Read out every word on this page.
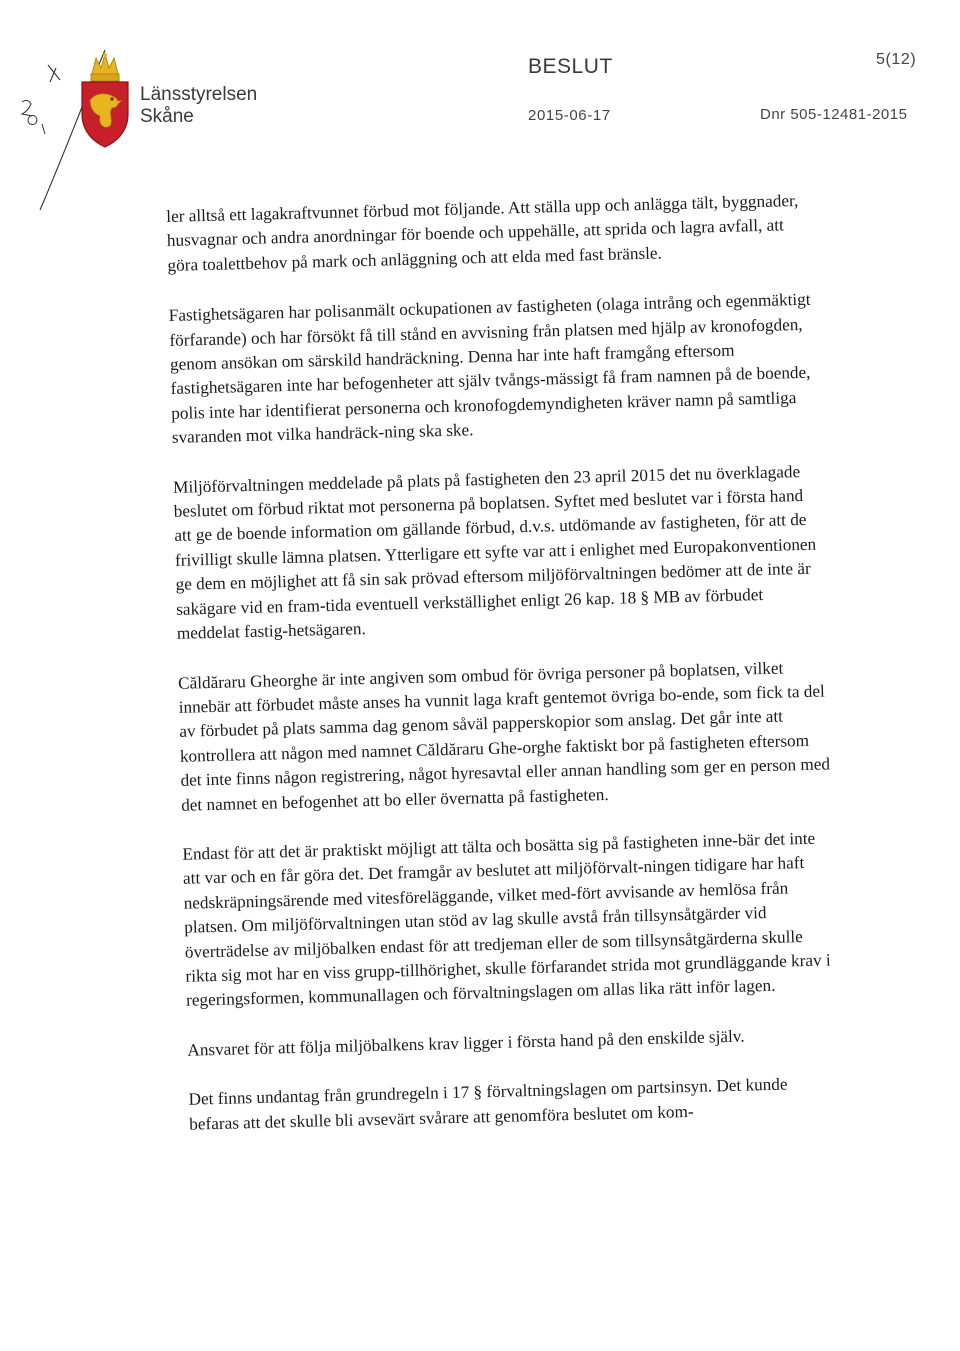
Länsstyrelsen
Skåne
BESLUT	5(12)
2015-06-17	Dnr 505-12481-2015

ler alltså ett lagakraftvunnet förbud mot följande. Att ställa upp och anlägga tält, byggnader, husvagnar och andra anordningar för boende och uppehälle, att sprida och lagra avfall, att göra toalettbehov på mark och anläggning och att elda med fast bränsle.

Fastighetsägaren har polisanmält ockupationen av fastigheten (olaga intrång och egenmäktigt förfarande) och har försökt få till stånd en avvisning från platsen med hjälp av kronofogden, genom ansökan om särskild handräckning. Denna har inte haft framgång eftersom fastighetsägaren inte har befogenheter att själv tvångs-mässigt få fram namnen på de boende, polis inte har identifierat personerna och kronofogdemyndigheten kräver namn på samtliga svaranden mot vilka handräck-ning ska ske.

Miljöförvaltningen meddelade på plats på fastigheten den 23 april 2015 det nu överklagade beslutet om förbud riktat mot personerna på boplatsen. Syftet med beslutet var i första hand att ge de boende information om gällande förbud, d.v.s. utdömande av fastigheten, för att de frivilligt skulle lämna platsen. Ytterligare ett syfte var att i enlighet med Europakonventionen ge dem en möjlighet att få sin sak prövad eftersom miljöförvaltningen bedömer att de inte är sakägare vid en fram-tida eventuell verkställighet enligt 26 kap. 18 § MB av förbudet meddelat fastig-hetsägaren.

Căldăraru Gheorghe är inte angiven som ombud för övriga personer på boplatsen, vilket innebär att förbudet måste anses ha vunnit laga kraft gentemot övriga bo-ende, som fick ta del av förbudet på plats samma dag genom såväl papperskopior som anslag. Det går inte att kontrollera att någon med namnet Căldăraru Ghe-orghe faktiskt bor på fastigheten eftersom det inte finns någon registrering, något hyresavtal eller annan handling som ger en person med det namnet en befogenhet att bo eller övernatta på fastigheten.

Endast för att det är praktiskt möjligt att tälta och bosätta sig på fastigheten inne-bär det inte att var och en får göra det. Det framgår av beslutet att miljöförvalt-ningen tidigare har haft nedskräpningsärende med vitesföreläggande, vilket med-fört avvisande av hemlösa från platsen. Om miljöförvaltningen utan stöd av lag skulle avstå från tillsynsåtgärder vid överträdelse av miljöbalken endast för att tredjeman eller de som tillsynsåtgärderna skulle rikta sig mot har en viss grupp-tillhörighet, skulle förfarandet strida mot grundläggande krav i regeringsformen, kommunallagen och förvaltningslagen om allas lika rätt inför lagen.

Ansvaret för att följa miljöbalkens krav ligger i första hand på den enskilde själv.

Det finns undantag från grundregeln i 17 § förvaltningslagen om partsinsyn. Det kunde befaras att det skulle bli avsevärt svårare att genomföra beslutet om kom-
